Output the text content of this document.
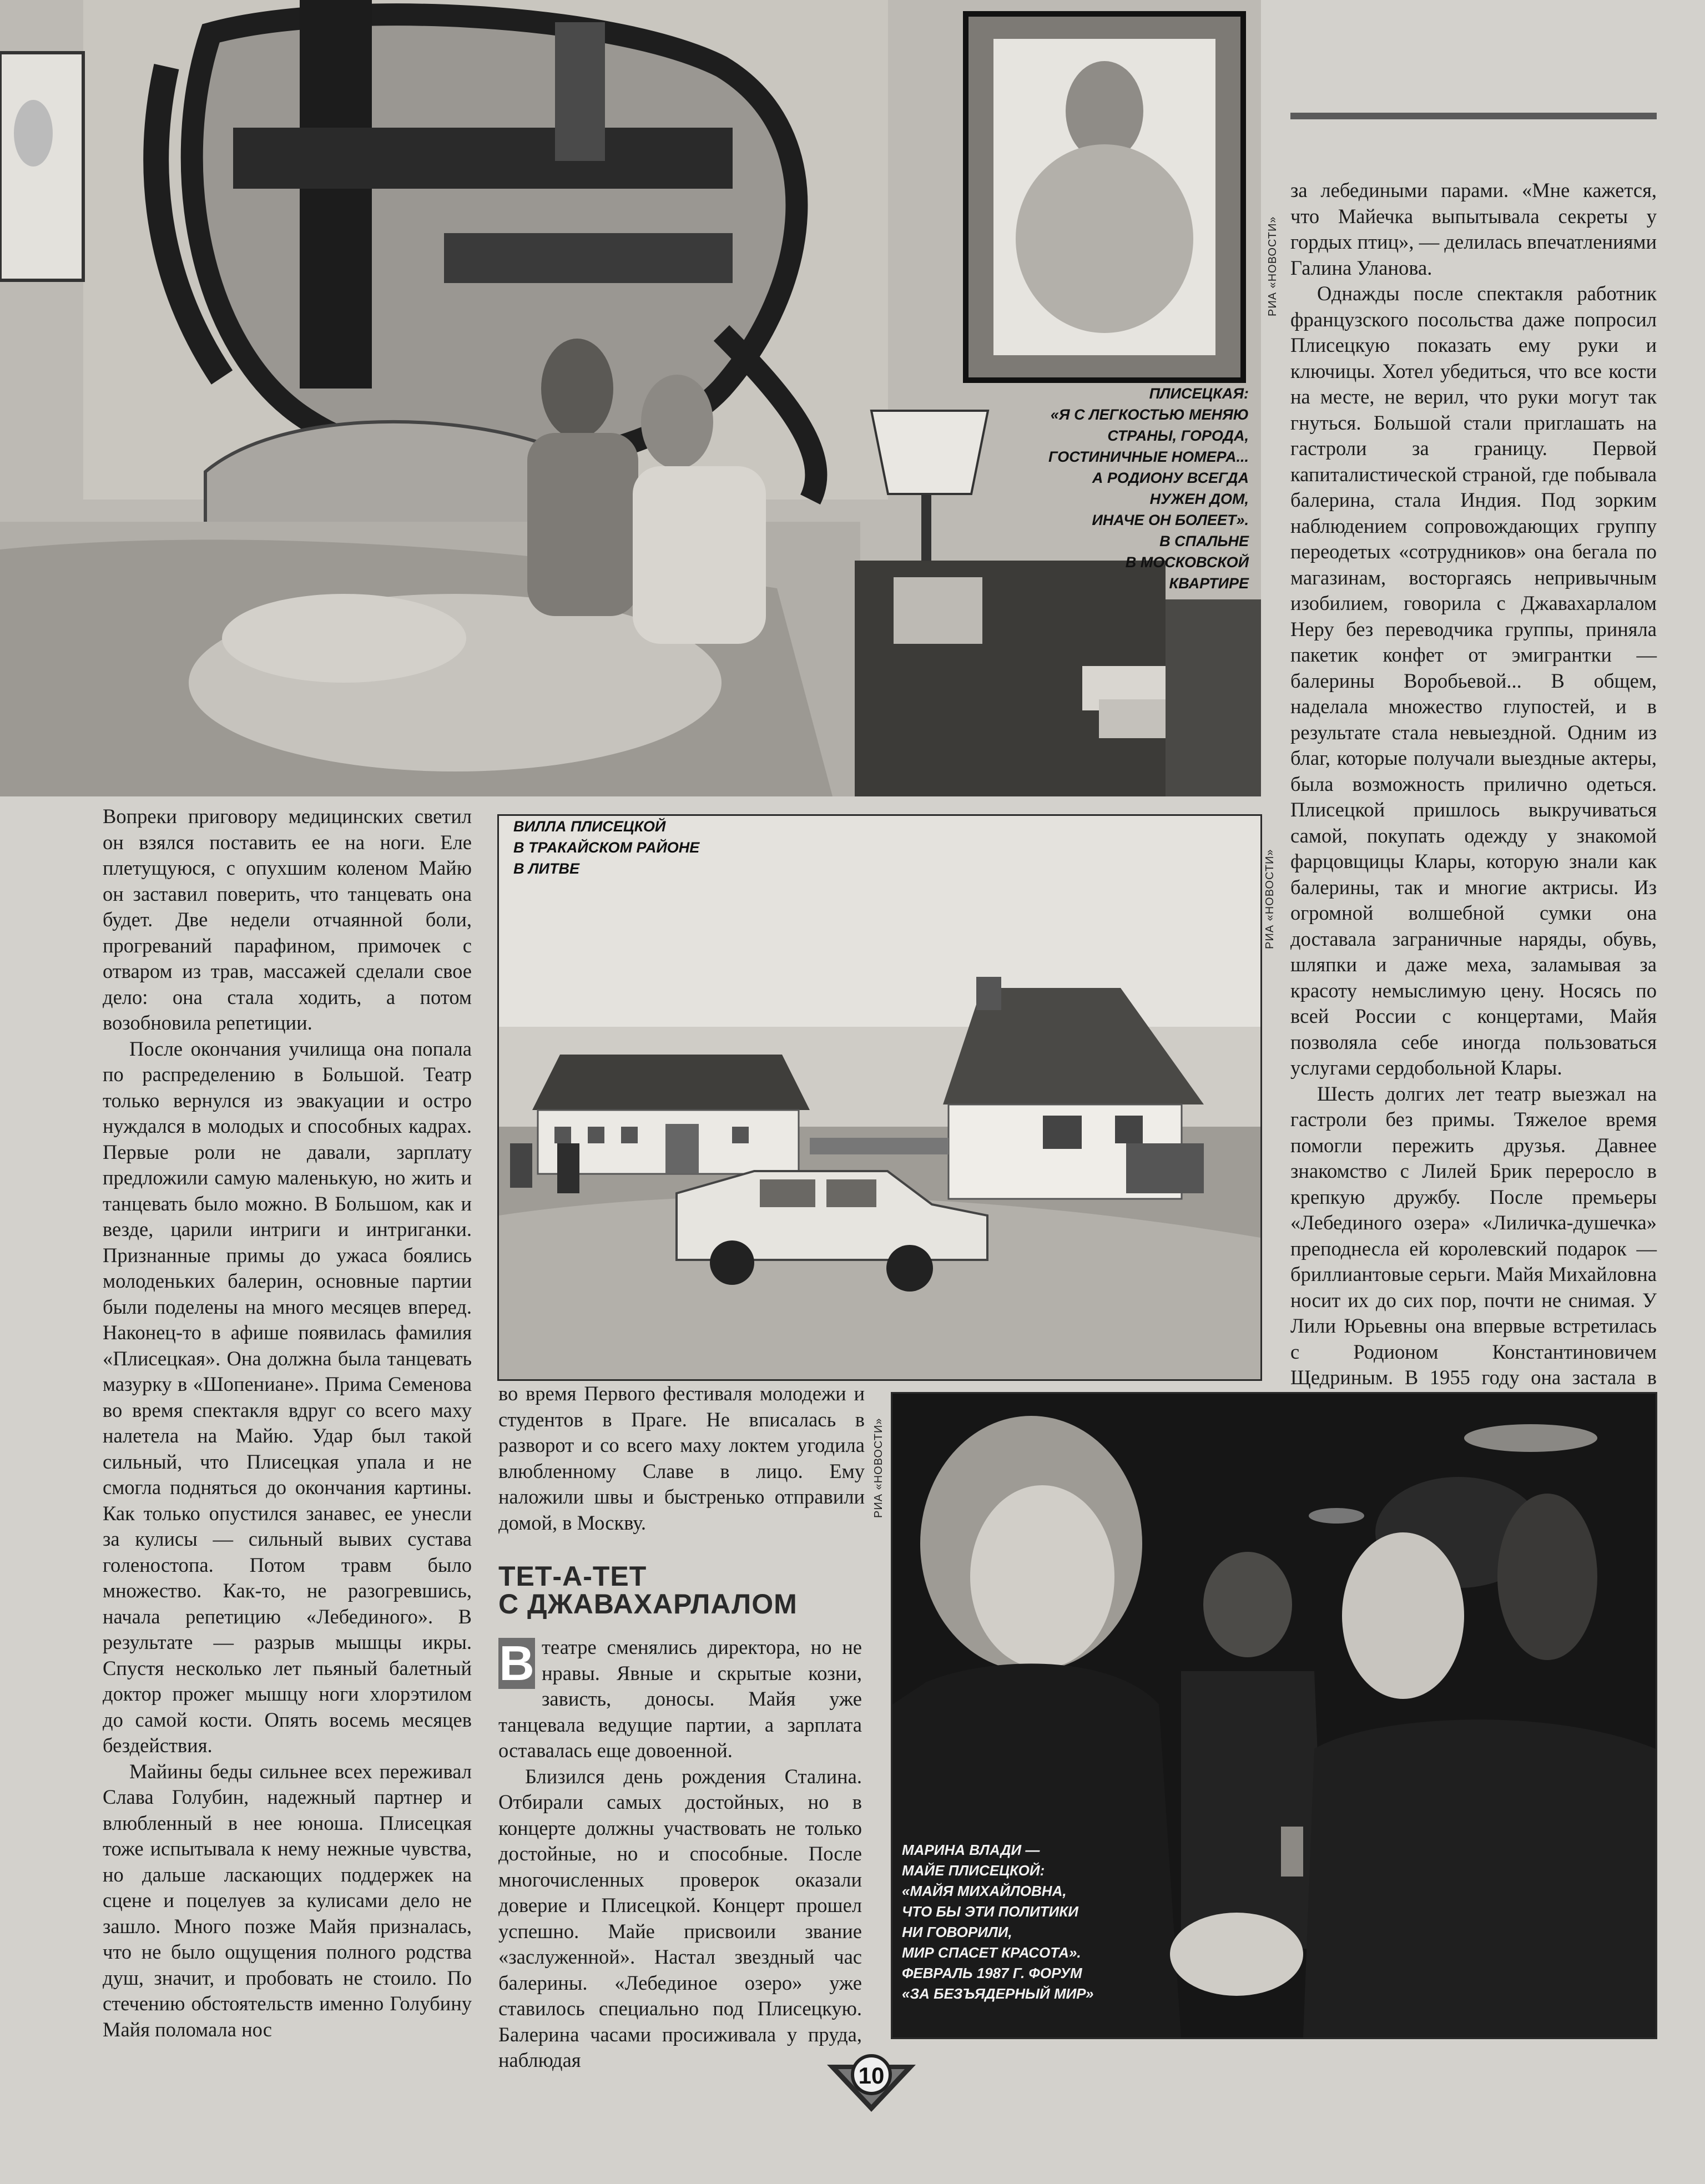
РИА «НОВОСТИ»
ПЛИСЕЦКАЯ:
«Я С ЛЕГКОСТЬЮ МЕНЯЮ
СТРАНЫ, ГОРОДА,
ГОСТИНИЧНЫЕ НОМЕРА...
А РОДИОНУ ВСЕГДА
НУЖЕН ДОМ,
ИНАЧЕ ОН БОЛЕЕТ».
В СПАЛЬНЕ
В МОСКОВСКОЙ
КВАРТИРЕ

за лебедиными парами. «Мне кажется, что Майечка выпытывала секреты у гордых птиц», — делилась впечатлениями Галина Уланова.

Однажды после спектакля работник французского посольства даже попросил Плисецкую показать ему руки и ключицы. Хотел убедиться, что все кости на месте, не верил, что руки могут так гнуться. Большой стали приглашать на гастроли за границу. Первой капиталистической страной, где побывала балерина, стала Индия. Под зорким наблюдением сопровождающих группу переодетых «сотрудников» она бегала по магазинам, восторгаясь непривычным изобилием, говорила с Джавахарлалом Неру без переводчика группы, приняла пакетик конфет от эмигрантки — балерины Воробьевой... В общем, наделала множество глупостей, и в результате стала невыездной. Одним из благ, которые получали выездные актеры, была возможность прилично одеться. Плисецкой пришлось выкручиваться самой, покупать одежду у знакомой фарцовщицы Клары, которую знали как балерины, так и многие актрисы. Из огромной волшебной сумки она доставала заграничные наряды, обувь, шляпки и даже меха, заламывая за красоту немыслимую цену. Носясь по всей России с концертами, Майя позволяла себе иногда пользоваться услугами сердобольной Клары.

Шесть долгих лет театр выезжал на гастроли без примы. Тяжелое время помогли пережить друзья. Давнее знакомство с Лилей Брик переросло в крепкую дружбу. После премьеры «Лебединого озера» «Лиличка-душечка» преподнесла ей королевский подарок — бриллиантовые серьги. Майя Михайловна носит их до сих пор, почти не снимая. У Лили Юрьевны она впервые встретилась с Родионом Константиновичем Щедриным. В 1955 году она застала в

Вопреки приговору медицинских светил он взялся поставить ее на ноги. Еле плетущуюся, с опухшим коленом Майю он заставил поверить, что танцевать она будет. Две недели отчаянной боли, прогреваний парафином, примочек с отваром из трав, массажей сделали свое дело: она стала ходить, а потом возобновила репетиции.

После окончания училища она попала по распределению в Большой. Театр только вернулся из эвакуации и остро нуждался в молодых и способных кадрах. Первые роли не давали, зарплату предложили самую маленькую, но жить и танцевать было можно. В Большом, как и везде, царили интриги и интриганки. Признанные примы до ужаса боялись молоденьких балерин, основные партии были поделены на много месяцев вперед. Наконец-то в афише появилась фамилия «Плисецкая». Она должна была танцевать мазурку в «Шопениане». Прима Семенова во время спектакля вдруг со всего маху налетела на Майю. Удар был такой сильный, что Плисецкая упала и не смогла подняться до окончания картины. Как только опустился занавес, ее унесли за кулисы — сильный вывих сустава голеностопа. Потом травм было множество. Как-то, не разогревшись, начала репетицию «Лебединого». В результате — разрыв мышцы икры. Спустя несколько лет пьяный балетный доктор прожег мышцу ноги хлорэтилом до самой кости. Опять восемь месяцев бездействия.

Майины беды сильнее всех переживал Слава Голубин, надежный партнер и влюбленный в нее юноша. Плисецкая тоже испытывала к нему нежные чувства, но дальше ласкающих поддержек на сцене и поцелуев за кулисами дело не зашло. Много позже Майя призналась, что не было ощущения полного родства душ, значит, и пробовать не стоило. По стечению обстоятельств именно Голубину Майя поломала нос

ВИЛЛА ПЛИСЕЦКОЙ
В ТРАКАЙСКОМ РАЙОНЕ
В ЛИТВЕ	РИА «НОВОСТИ»

во время Первого фестиваля молодежи и студентов в Праге. Не вписалась в разворот и со всего маху локтем угодила влюбленному Славе в лицо. Ему наложили швы и быстренько отправили домой, в Москву.

РИА «НОВОСТИ»
ТЕТ-А-ТЕТ
С ДЖАВАХАРЛАЛОМ

В театре сменялись директора, но не нравы. Явные и скрытые козни, зависть, доносы. Майя уже танцевала ведущие партии, а зарплата оставалась еще довоенной.

Близился день рождения Сталина. Отбирали самых достойных, но в концерте должны участвовать не только достойные, но и способные. После многочисленных проверок оказали доверие и Плисецкой. Концерт прошел успешно. Майе присвоили звание «заслуженной». Настал звездный час балерины. «Лебединое озеро» уже ставилось специально под Плисецкую. Балерина часами просиживала у пруда, наблюдая

МАРИНА ВЛАДИ —
МАЙЕ ПЛИСЕЦКОЙ:
«МАЙЯ МИХАЙЛОВНА,
ЧТО БЫ ЭТИ ПОЛИТИКИ
НИ ГОВОРИЛИ,
МИР СПАСЕТ КРАСОТА».
ФЕВРАЛЬ 1987 Г. ФОРУМ
«ЗА БЕЗЪЯДЕРНЫЙ МИР»
10
